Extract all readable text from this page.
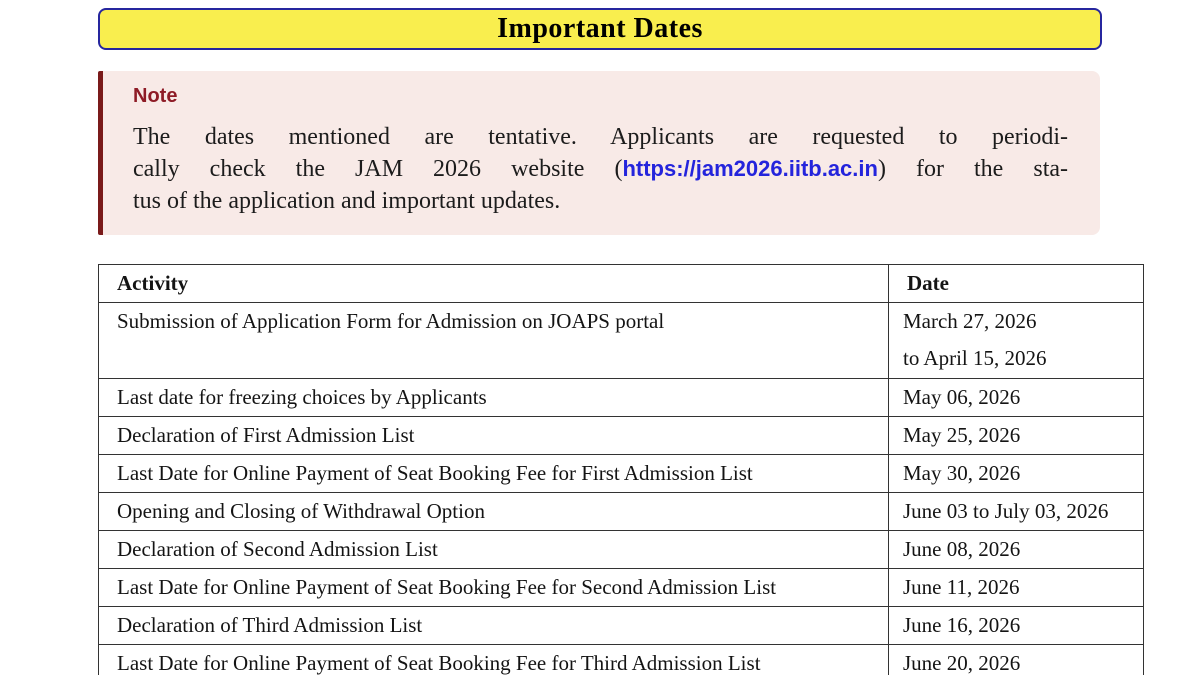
Important Dates
Note
The dates mentioned are tentative. Applicants are requested to periodi-
cally check the JAM 2026 website (https://jam2026.iitb.ac.in) for the sta-
tus of the application and important updates.
Activity	Date
Submission of Application Form for Admission on JOAPS portal	March 27, 2026
to April 15, 2026

Last date for freezing choices by Applicants	May 06, 2026
Declaration of First Admission List	May 25, 2026
Last Date for Online Payment of Seat Booking Fee for First Admission List	May 30, 2026
Opening and Closing of Withdrawal Option	June 03 to July 03, 2026
Declaration of Second Admission List	June 08, 2026
Last Date for Online Payment of Seat Booking Fee for Second Admission List	June 11, 2026
Declaration of Third Admission List	June 16, 2026
Last Date for Online Payment of Seat Booking Fee for Third Admission List	June 20, 2026
